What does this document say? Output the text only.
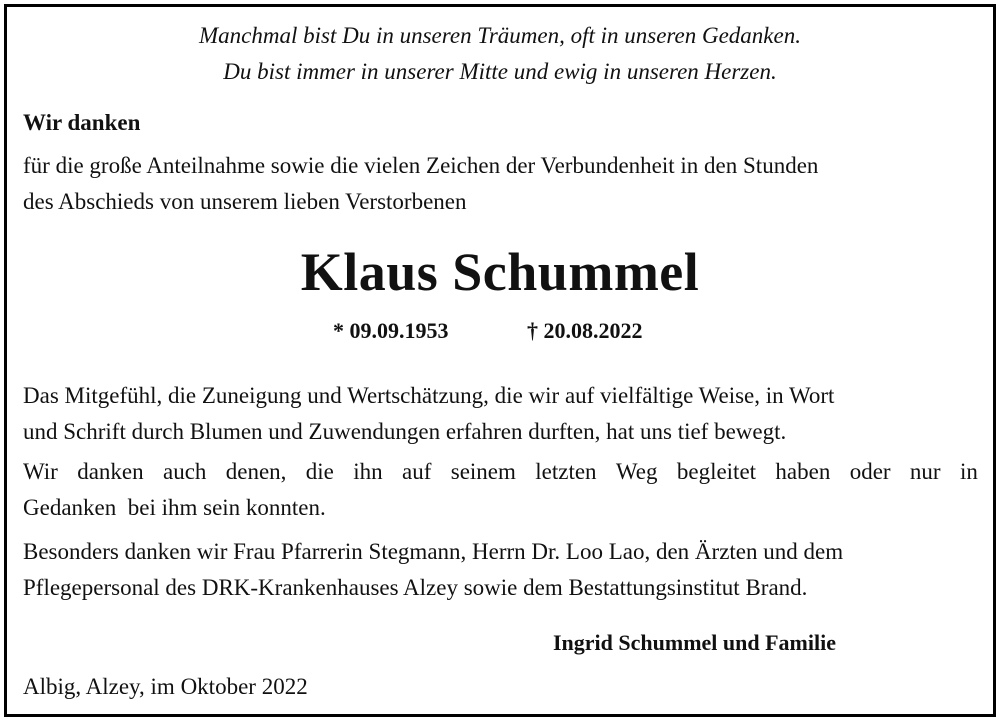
Manchmal bist Du in unseren Träumen, oft in unseren Gedanken.
Du bist immer in unserer Mitte und ewig in unseren Herzen.
Wir danken
für die große Anteilnahme sowie die vielen Zeichen der Verbundenheit in den Stunden
des Abschieds von unserem lieben Verstorbenen
Klaus Schummel
* 09.09.1953	† 20.08.2022
Das Mitgefühl, die Zuneigung und Wertschätzung, die wir auf vielfältige Weise, in Wort
und Schrift durch Blumen und Zuwendungen erfahren durften, hat uns tief bewegt.
Wir danken auch denen, die ihn auf seinem letzten Weg begleitet haben oder nur in
Gedanken  bei ihm sein konnten.
Besonders danken wir Frau Pfarrerin Stegmann, Herrn Dr. Loo Lao, den Ärzten und dem
Pflegepersonal des DRK-Krankenhauses Alzey sowie dem Bestattungsinstitut Brand.
Ingrid Schummel und Familie
Albig, Alzey, im Oktober 2022
